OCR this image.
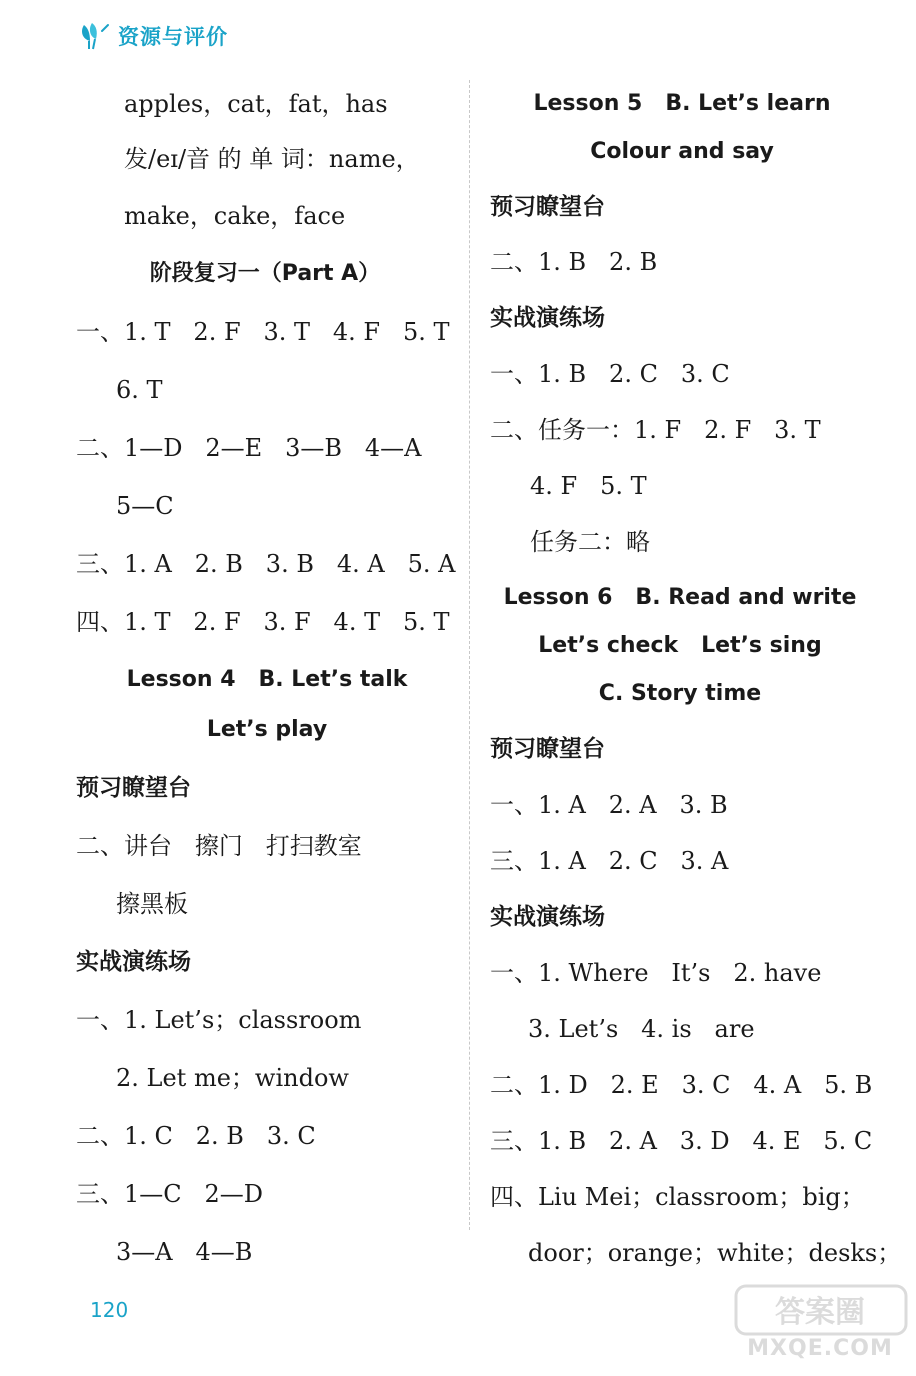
资源与评价
apples，cat，fat，has
发/eɪ/音 的 单 词：name，
make，cake，face
阶段复习一（Part A）
一、1. T   2. F   3. T   4. F   5. T
6. T
二、1—D   2—E   3—B   4—A
5—C
三、1. A   2. B   3. B   4. A   5. A
四、1. T   2. F   3. F   4. T   5. T
Lesson 4   B. Let’s talk
Let’s play
预习瞭望台
二、讲台   擦门   打扫教室
擦黑板
实战演练场
一、1. Let’s；classroom
2. Let me；window
二、1. C   2. B   3. C
三、1—C   2—D
3—A   4—B
Lesson 5   B. Let’s learn
Colour and say
预习瞭望台
二、1. B   2. B
实战演练场
一、1. B   2. C   3. C
二、任务一：1. F   2. F   3. T
4. F   5. T
任务二：略
Lesson 6   B. Read and write
Let’s check   Let’s sing
C. Story time
预习瞭望台
一、1. A   2. A   3. B
三、1. A   2. C   3. A
实战演练场
一、1. Where   It’s   2. have
3. Let’s   4. is   are
二、1. D   2. E   3. C   4. A   5. B
三、1. B   2. A   3. D   4. E   5. C
四、Liu Mei；classroom；big；
door；orange；white；desks；
120	答案圈
MXQE.COM
